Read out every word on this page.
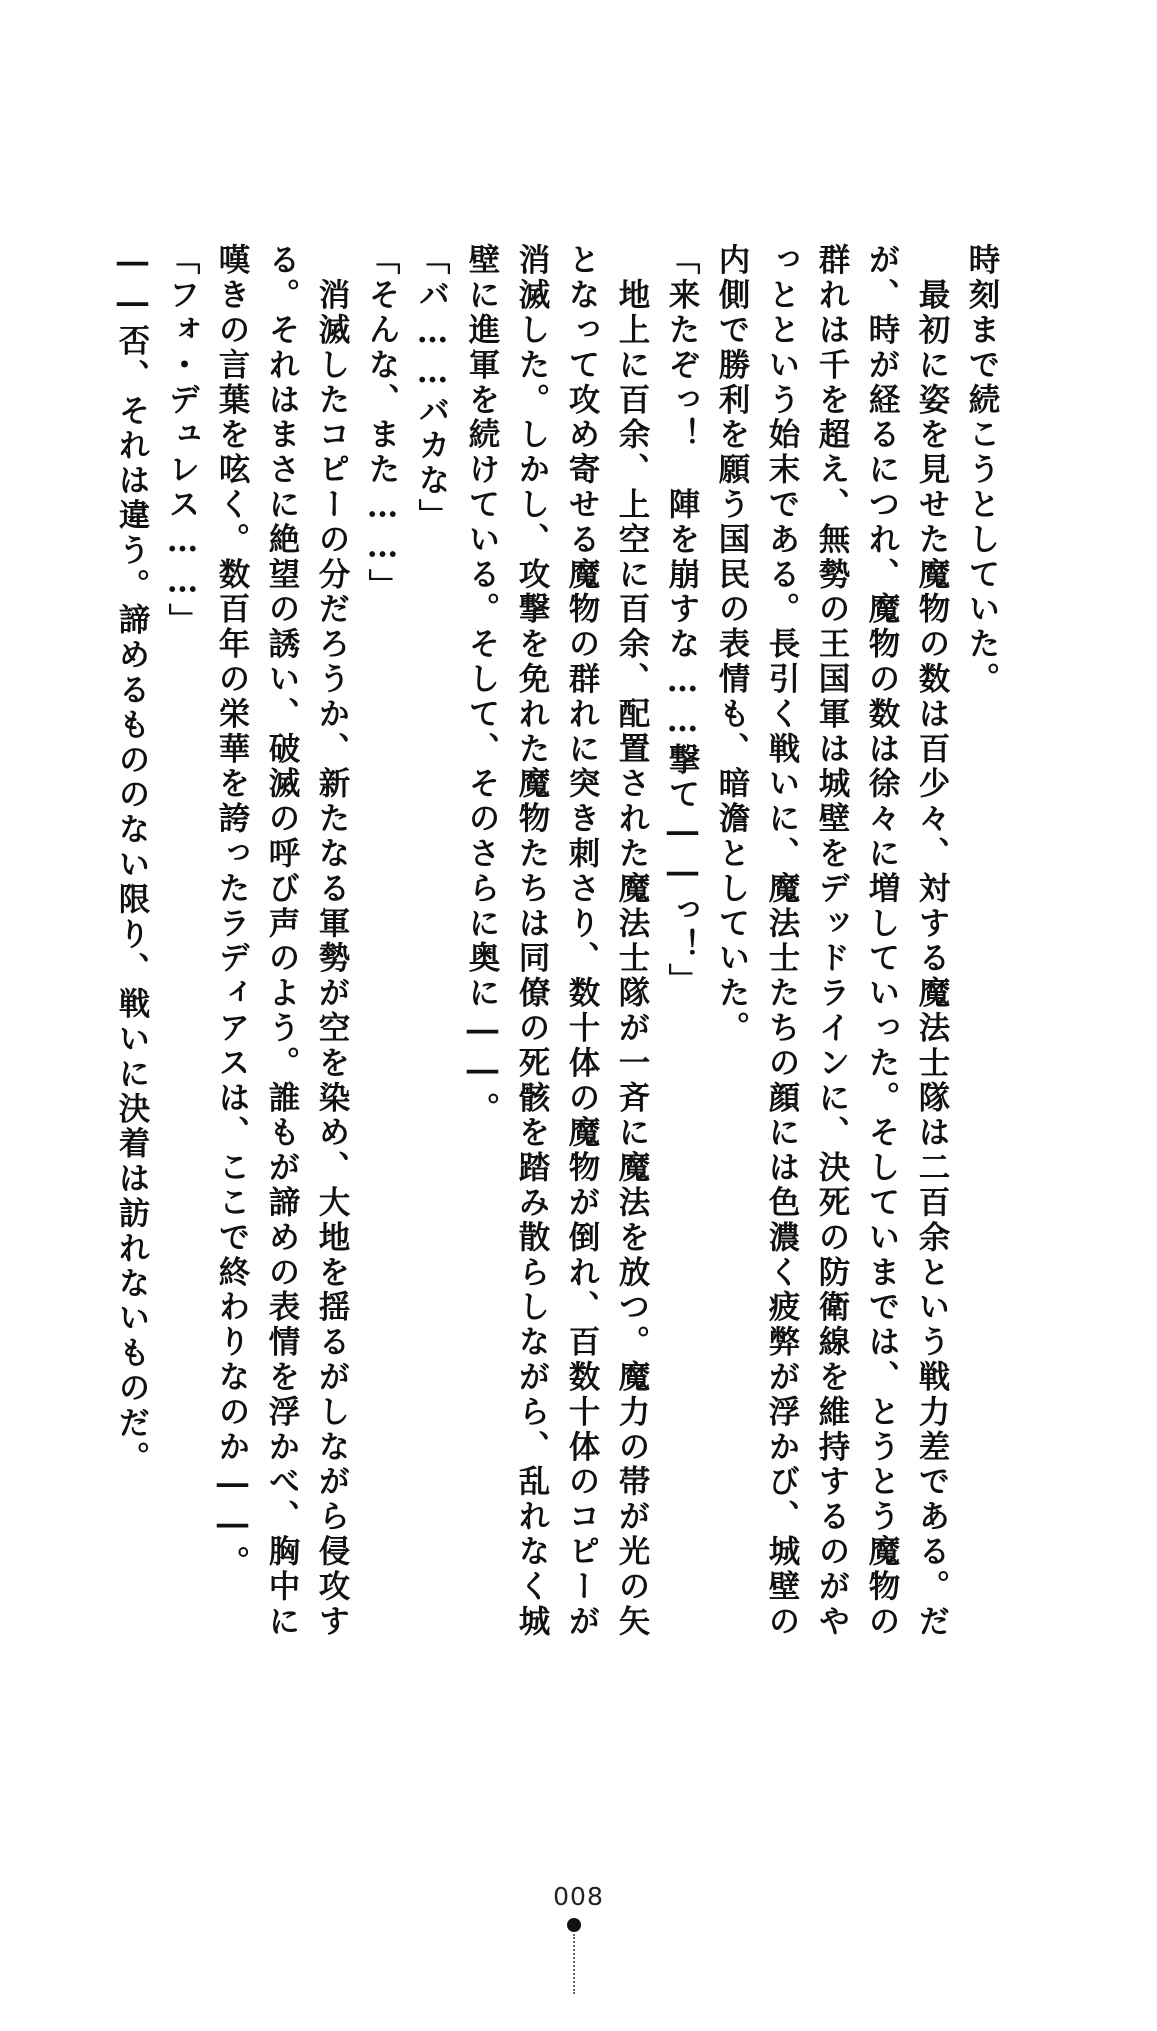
時刻まで続こうとしていた。
　最初に姿を見せた魔物の数は百少々、対する魔法士隊は二百余という戦力差である。だ
が、時が経るにつれ、魔物の数は徐々に増していった。そしていまでは、とうとう魔物の
群れは千を超え、無勢の王国軍は城壁をデッドラインに、決死の防衛線を維持するのがや
っとという始末である。長引く戦いに、魔法士たちの顔には色濃く疲弊が浮かび、城壁の
内側で勝利を願う国民の表情も、暗澹としていた。
「来たぞっ！　陣を崩すな……撃て――っ！」
　地上に百余、上空に百余、配置された魔法士隊が一斉に魔法を放つ。魔力の帯が光の矢
となって攻め寄せる魔物の群れに突き刺さり、数十体の魔物が倒れ、百数十体のコピーが
消滅した。しかし、攻撃を免れた魔物たちは同僚の死骸を踏み散らしながら、乱れなく城
壁に進軍を続けている。そして、そのさらに奥に――。
「バ……バカな」
「そんな、また……」
　消滅したコピーの分だろうか、新たなる軍勢が空を染め、大地を揺るがしながら侵攻す
る。それはまさに絶望の誘い、破滅の呼び声のよう。誰もが諦めの表情を浮かべ、胸中に
嘆きの言葉を呟く。数百年の栄華を誇ったラディアスは、ここで終わりなのか――。
「フォ・デュレス……」
――否、それは違う。諦めるもののない限り、戦いに決着は訪れないものだ。
008
